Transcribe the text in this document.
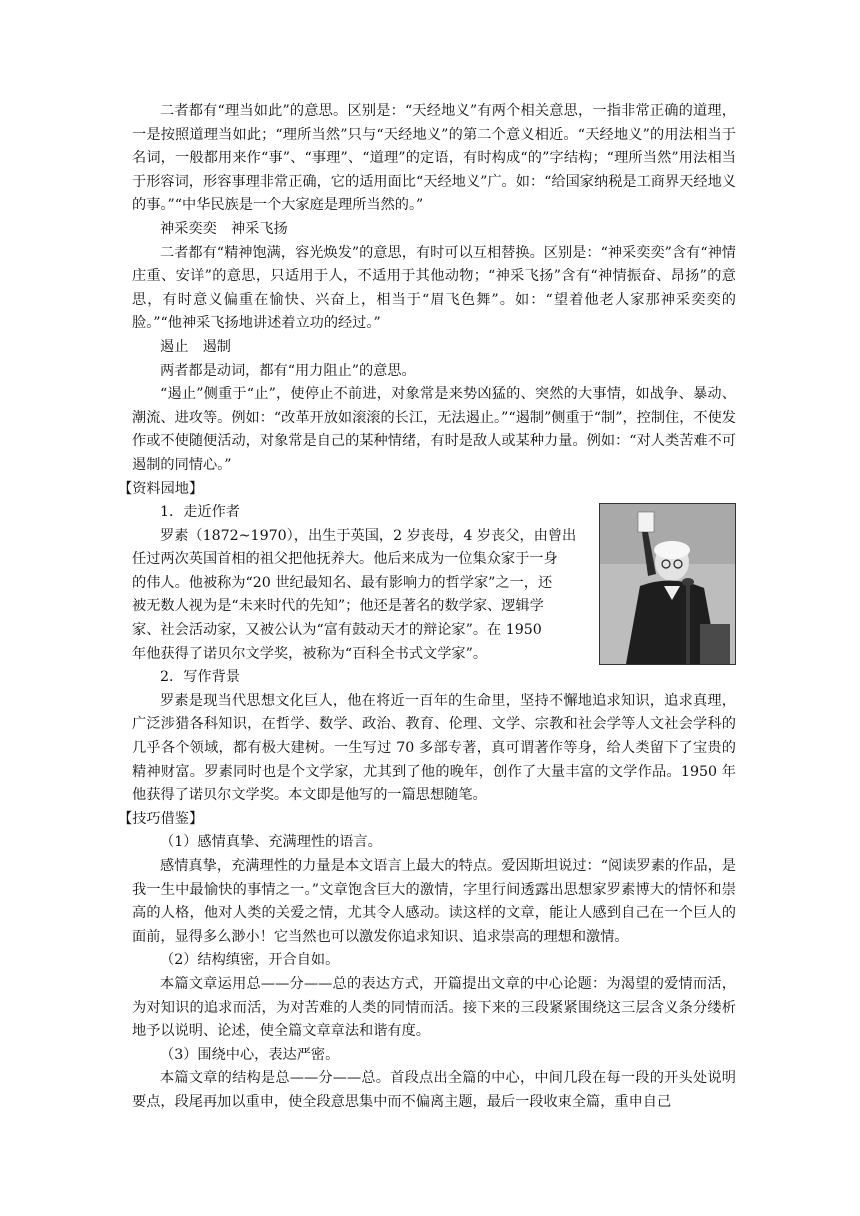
二者都有“理当如此”的意思。区别是：“天经地义”有两个相关意思，一指非常正确的道理，一是按照道理当如此；“理所当然”只与“天经地义”的第二个意义相近。“天经地义”的用法相当于名词，一般都用来作“事”、“事理”、“道理”的定语，有时构成“的”字结构；“理所当然”用法相当于形容词，形容事理非常正确，它的适用面比“天经地义”广。如：“给国家纳税是工商界天经地义的事。”“中华民族是一个大家庭是理所当然的。”

神采奕奕　神采飞扬

二者都有“精神饱满，容光焕发”的意思，有时可以互相替换。区别是：“神采奕奕”含有“神情庄重、安详”的意思，只适用于人，不适用于其他动物；“神采飞扬”含有“神情振奋、昂扬”的意思，有时意义偏重在愉快、兴奋上，相当于“眉飞色舞”。如：“望着他老人家那神采奕奕的脸。”“他神采飞扬地讲述着立功的经过。”

遏止　遏制

两者都是动词，都有“用力阻止”的意思。

“遏止”侧重于“止”，使停止不前进，对象常是来势凶猛的、突然的大事情，如战争、暴动、潮流、进攻等。例如：“改革开放如滚滚的长江，无法遏止。”“遏制”侧重于“制”，控制住，不使发作或不使随便活动，对象常是自己的某种情绪，有时是敌人或某种力量。例如：“对人类苦难不可遏制的同情心。”

【资料园地】

1．走近作者

罗素（1872~1970），出生于英国，2 岁丧母，4 岁丧父，由曾出

任过两次英国首相的祖父把他抚养大。他后来成为一位集众家于一身

的伟人。他被称为“20 世纪最知名、最有影响力的哲学家”之一，还

被无数人视为是“未来时代的先知”；他还是著名的数学家、逻辑学

家、社会活动家，又被公认为“富有鼓动天才的辩论家”。在 1950

年他获得了诺贝尔文学奖，被称为“百科全书式文学家”。

2．写作背景

罗素是现当代思想文化巨人，他在将近一百年的生命里，坚持不懈地追求知识，追求真理，广泛涉猎各科知识，在哲学、数学、政治、教育、伦理、文学、宗教和社会学等人文社会学科的几乎各个领域，都有极大建树。一生写过 70 多部专著，真可谓著作等身，给人类留下了宝贵的精神财富。罗素同时也是个文学家，尤其到了他的晚年，创作了大量丰富的文学作品。1950 年他获得了诺贝尔文学奖。本文即是他写的一篇思想随笔。

【技巧借鉴】

（1）感情真挚、充满理性的语言。

感情真挚，充满理性的力量是本文语言上最大的特点。爱因斯坦说过：“阅读罗素的作品，是我一生中最愉快的事情之一。”文章饱含巨大的激情，字里行间透露出思想家罗素博大的情怀和崇高的人格，他对人类的关爱之情，尤其令人感动。读这样的文章，能让人感到自己在一个巨人的面前，显得多么渺小！它当然也可以激发你追求知识、追求崇高的理想和激情。

（2）结构缜密，开合自如。

本篇文章运用总——分——总的表达方式，开篇提出文章的中心论题：为渴望的爱情而活，为对知识的追求而活，为对苦难的人类的同情而活。接下来的三段紧紧围绕这三层含义条分缕析地予以说明、论述，使全篇文章章法和谐有度。

（3）围绕中心，表达严密。

本篇文章的结构是总——分——总。首段点出全篇的中心，中间几段在每一段的开头处说明要点，段尾再加以重申，使全段意思集中而不偏离主题，最后一段收束全篇，重申自己
